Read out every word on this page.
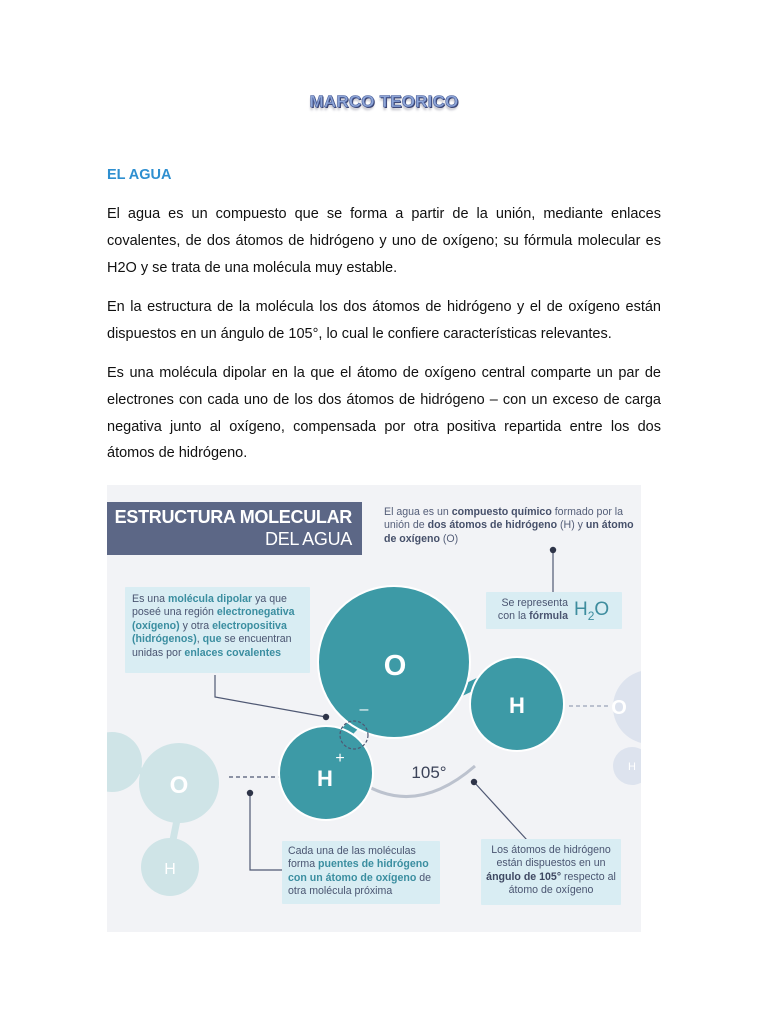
MARCO TEORICO
EL AGUA
El agua es un compuesto que se forma a partir de la unión, mediante enlaces covalentes, de dos átomos de hidrógeno y uno de oxígeno; su fórmula molecular es H2O y se trata de una molécula muy estable.
En la estructura de la molécula los dos átomos de hidrógeno y el de oxígeno están dispuestos en un ángulo de 105°, lo cual le confiere características relevantes.
Es una molécula dipolar en la que el átomo de oxígeno central comparte un par de electrones con cada uno de los dos átomos de hidrógeno – con un exceso de carga negativa junto al oxígeno, compensada por otra positiva repartida entre los dos átomos de hidrógeno.
O
H
H
–
+
105°
O
H
O
H
ESTRUCTURA MOLECULAR
DEL AGUA
El agua es un compuesto químico formado por la unión de dos átomos de hidrógeno (H) y un átomo de oxígeno (O)
Es una molécula dipolar ya que poseé una región electronegativa (oxígeno) y otra electropositiva (hidrógenos), que se encuentran unidas por enlaces covalentes
Se representa
con la fórmula $H_2O$
Cada una de las moléculas forma puentes de hidrógeno con un átomo de oxígeno de otra molécula próxima
Los átomos de hidrógeno están dispuestos en un ángulo de 105° respecto al átomo de oxígeno
